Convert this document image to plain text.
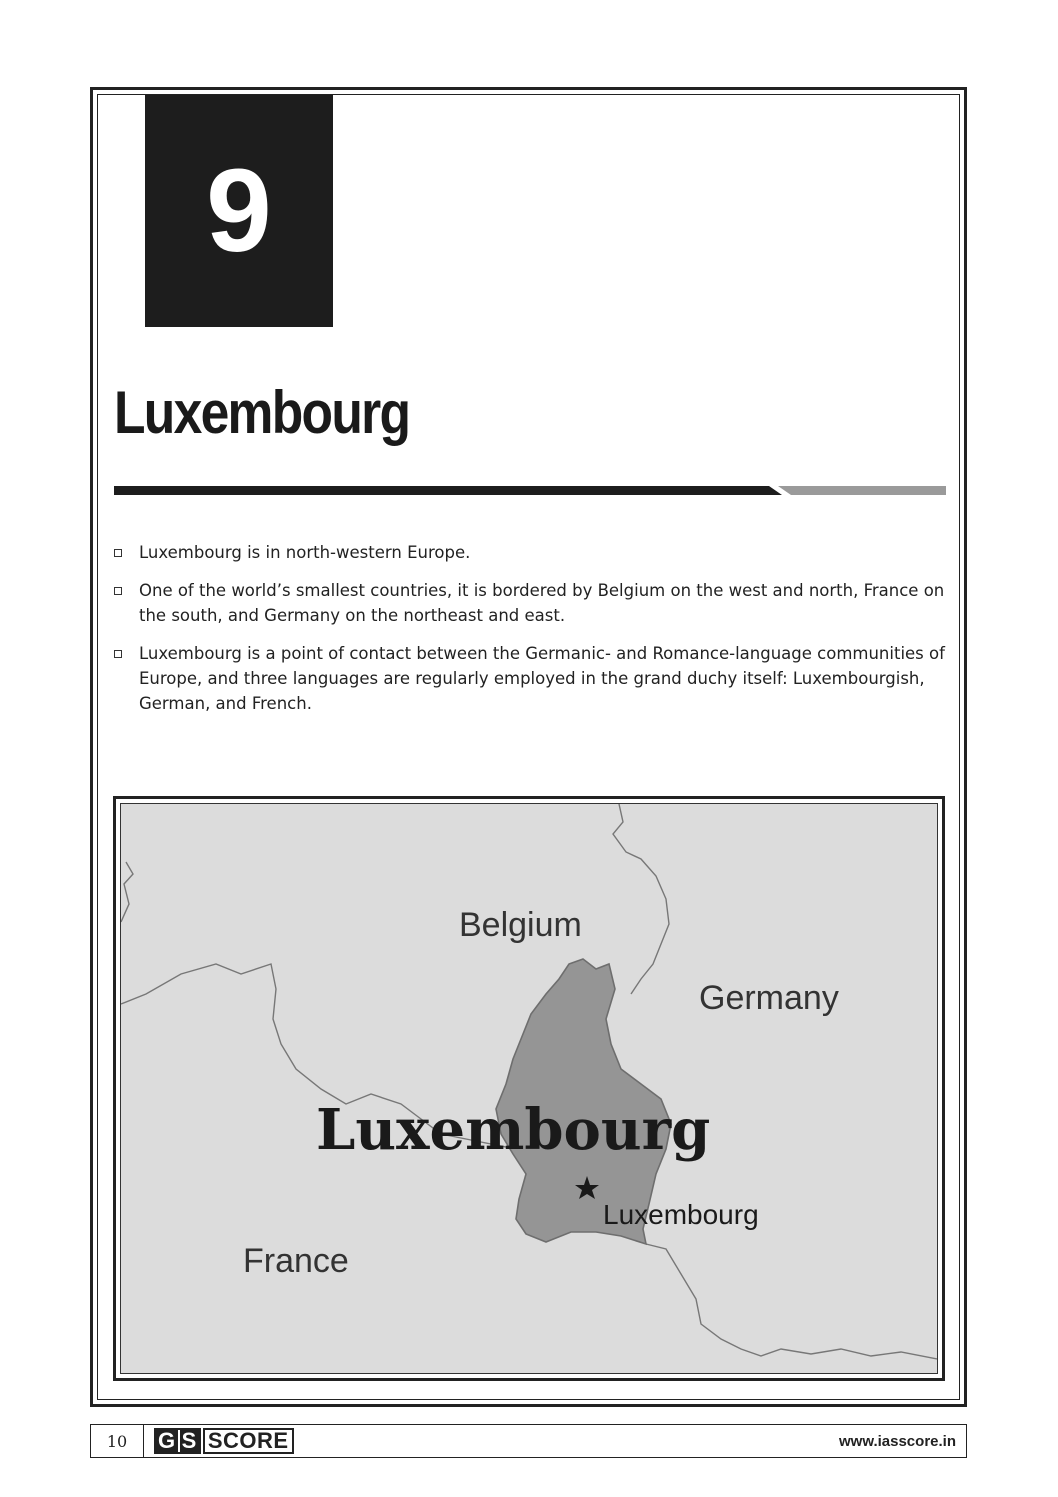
9
Luxembourg
Luxembourg is in north-western Europe.
One of the world’s smallest countries, it is bordered by Belgium on the west and north, France on the south, and Germany on the northeast and east.
Luxembourg is a point of contact between the Germanic- and Romance-language communities of Europe, and three languages are regularly employed in the grand duchy itself: Luxembourgish, German, and French.
Belgium
Germany
France
Luxembourg
Luxembourg
10	G S SCORE	www.iasscore.in
